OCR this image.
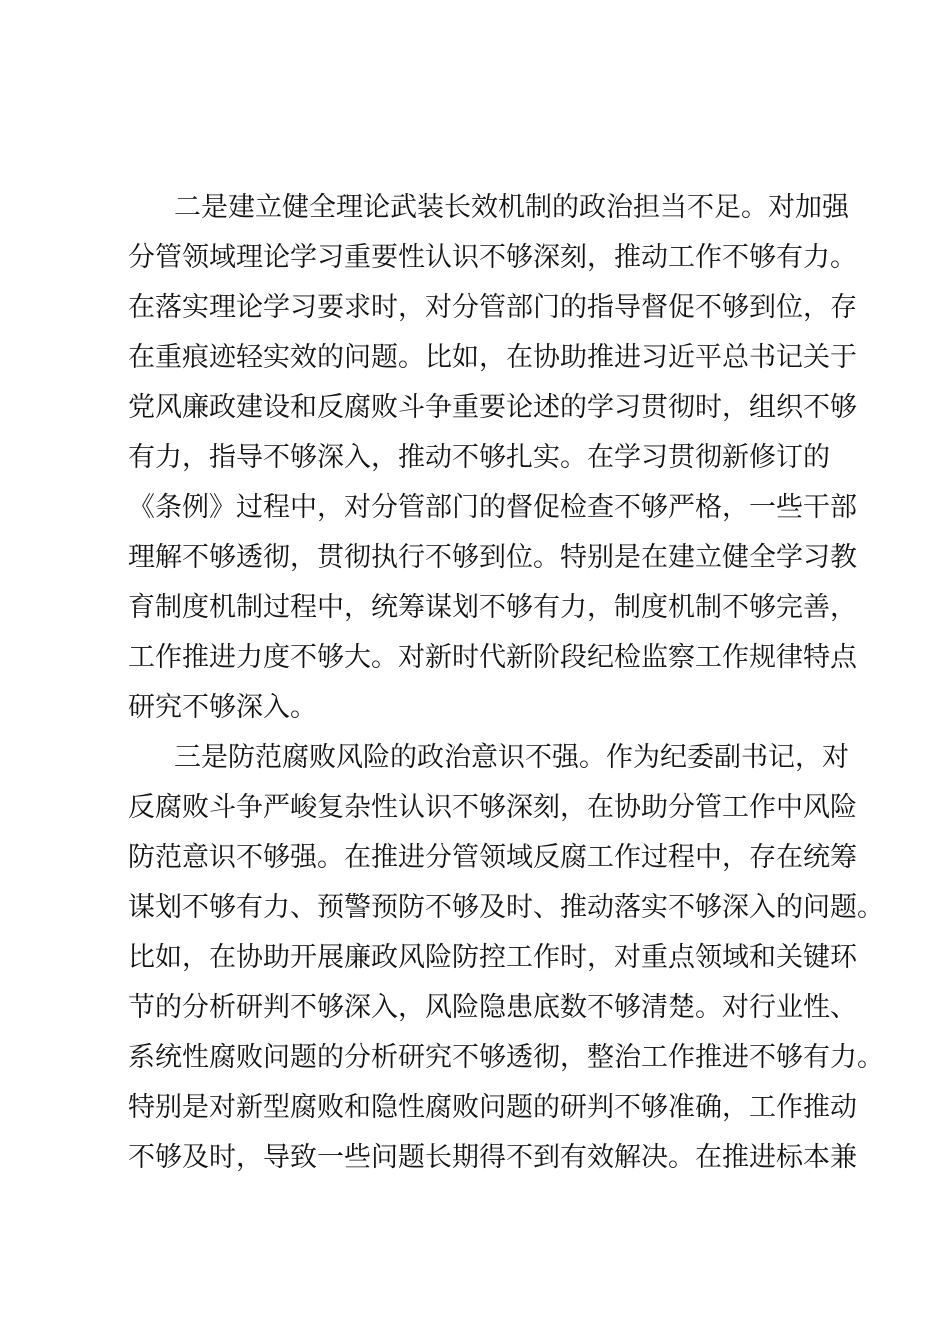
二是建立健全理论武装长效机制的政治担当不足。对加强
分管领域理论学习重要性认识不够深刻，推动工作不够有力。
在落实理论学习要求时，对分管部门的指导督促不够到位，存
在重痕迹轻实效的问题。比如，在协助推进习近平总书记关于
党风廉政建设和反腐败斗争重要论述的学习贯彻时，组织不够
有力，指导不够深入，推动不够扎实。在学习贯彻新修订的
《条例》过程中，对分管部门的督促检查不够严格，一些干部
理解不够透彻，贯彻执行不够到位。特别是在建立健全学习教
育制度机制过程中，统筹谋划不够有力，制度机制不够完善，
工作推进力度不够大。对新时代新阶段纪检监察工作规律特点
研究不够深入。
三是防范腐败风险的政治意识不强。作为纪委副书记，对
反腐败斗争严峻复杂性认识不够深刻，在协助分管工作中风险
防范意识不够强。在推进分管领域反腐工作过程中，存在统筹
谋划不够有力、预警预防不够及时、推动落实不够深入的问题。
比如，在协助开展廉政风险防控工作时，对重点领域和关键环
节的分析研判不够深入，风险隐患底数不够清楚。对行业性、
系统性腐败问题的分析研究不够透彻，整治工作推进不够有力。
特别是对新型腐败和隐性腐败问题的研判不够准确，工作推动
不够及时，导致一些问题长期得不到有效解决。在推进标本兼
